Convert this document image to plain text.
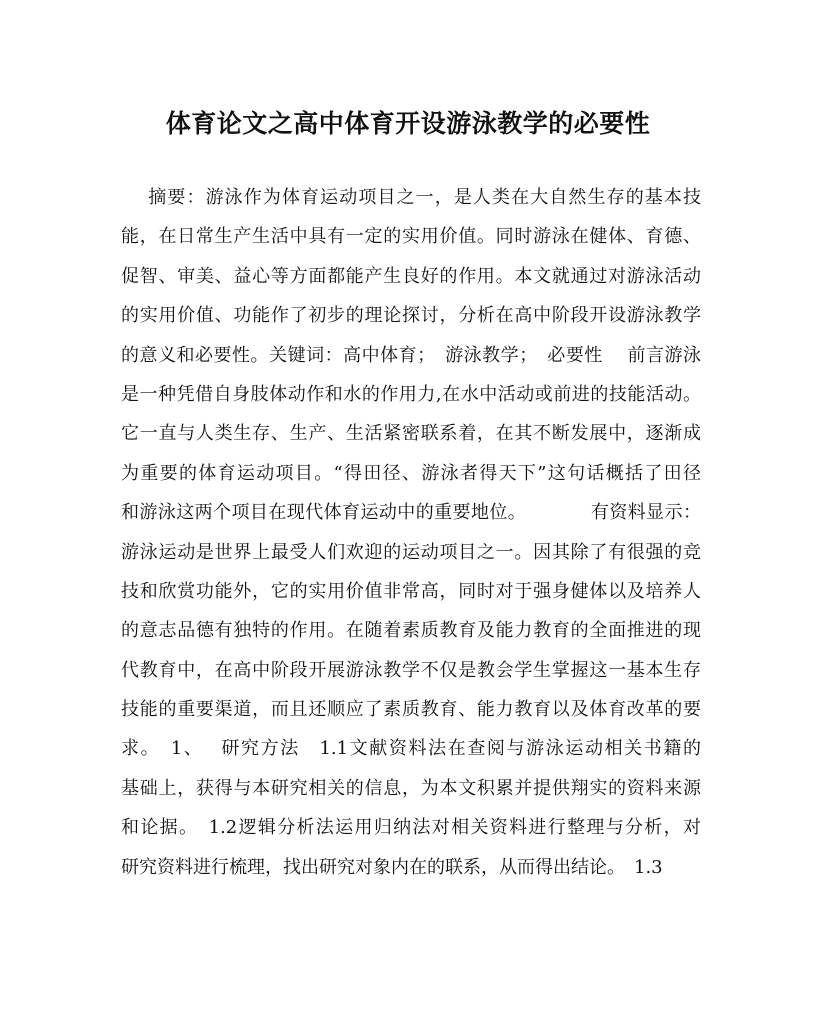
体育论文之高中体育开设游泳教学的必要性
摘要：游泳作为体育运动项目之一，是人类在大自然生存的基本技
能，在日常生产生活中具有一定的实用价值。同时游泳在健体、育德、
促智、审美、益心等方面都能产生良好的作用。本文就通过对游泳活动
的实用价值、功能作了初步的理论探讨，分析在高中阶段开设游泳教学
的意义和必要性。关键词：高中体育；　游泳教学；　必要性　 前言游泳
是一种凭借自身肢体动作和水的作用力,在水中活动或前进的技能活动。
它一直与人类生存、生产、生活紧密联系着，在其不断发展中，逐渐成
为重要的体育运动项目。“得田径、游泳者得天下”这句话概括了田径
和游泳这两个项目在现代体育运动中的重要地位。　　　　有资料显示：
游泳运动是世界上最受人们欢迎的运动项目之一。因其除了有很强的竞
技和欣赏功能外，它的实用价值非常高，同时对于强身健体以及培养人
的意志品德有独特的作用。在随着素质教育及能力教育的全面推进的现
代教育中，在高中阶段开展游泳教学不仅是教会学生掌握这一基本生存
技能的重要渠道，而且还顺应了素质教育、能力教育以及体育改革的要
求。　1、　 研究方法　1.1文献资料法在查阅与游泳运动相关书籍的
基础上，获得与本研究相关的信息，为本文积累并提供翔实的资料来源
和论据。　1.2逻辑分析法运用归纳法对相关资料进行整理与分析，对
研究资料进行梳理，找出研究对象内在的联系，从而得出结论。　1.3
